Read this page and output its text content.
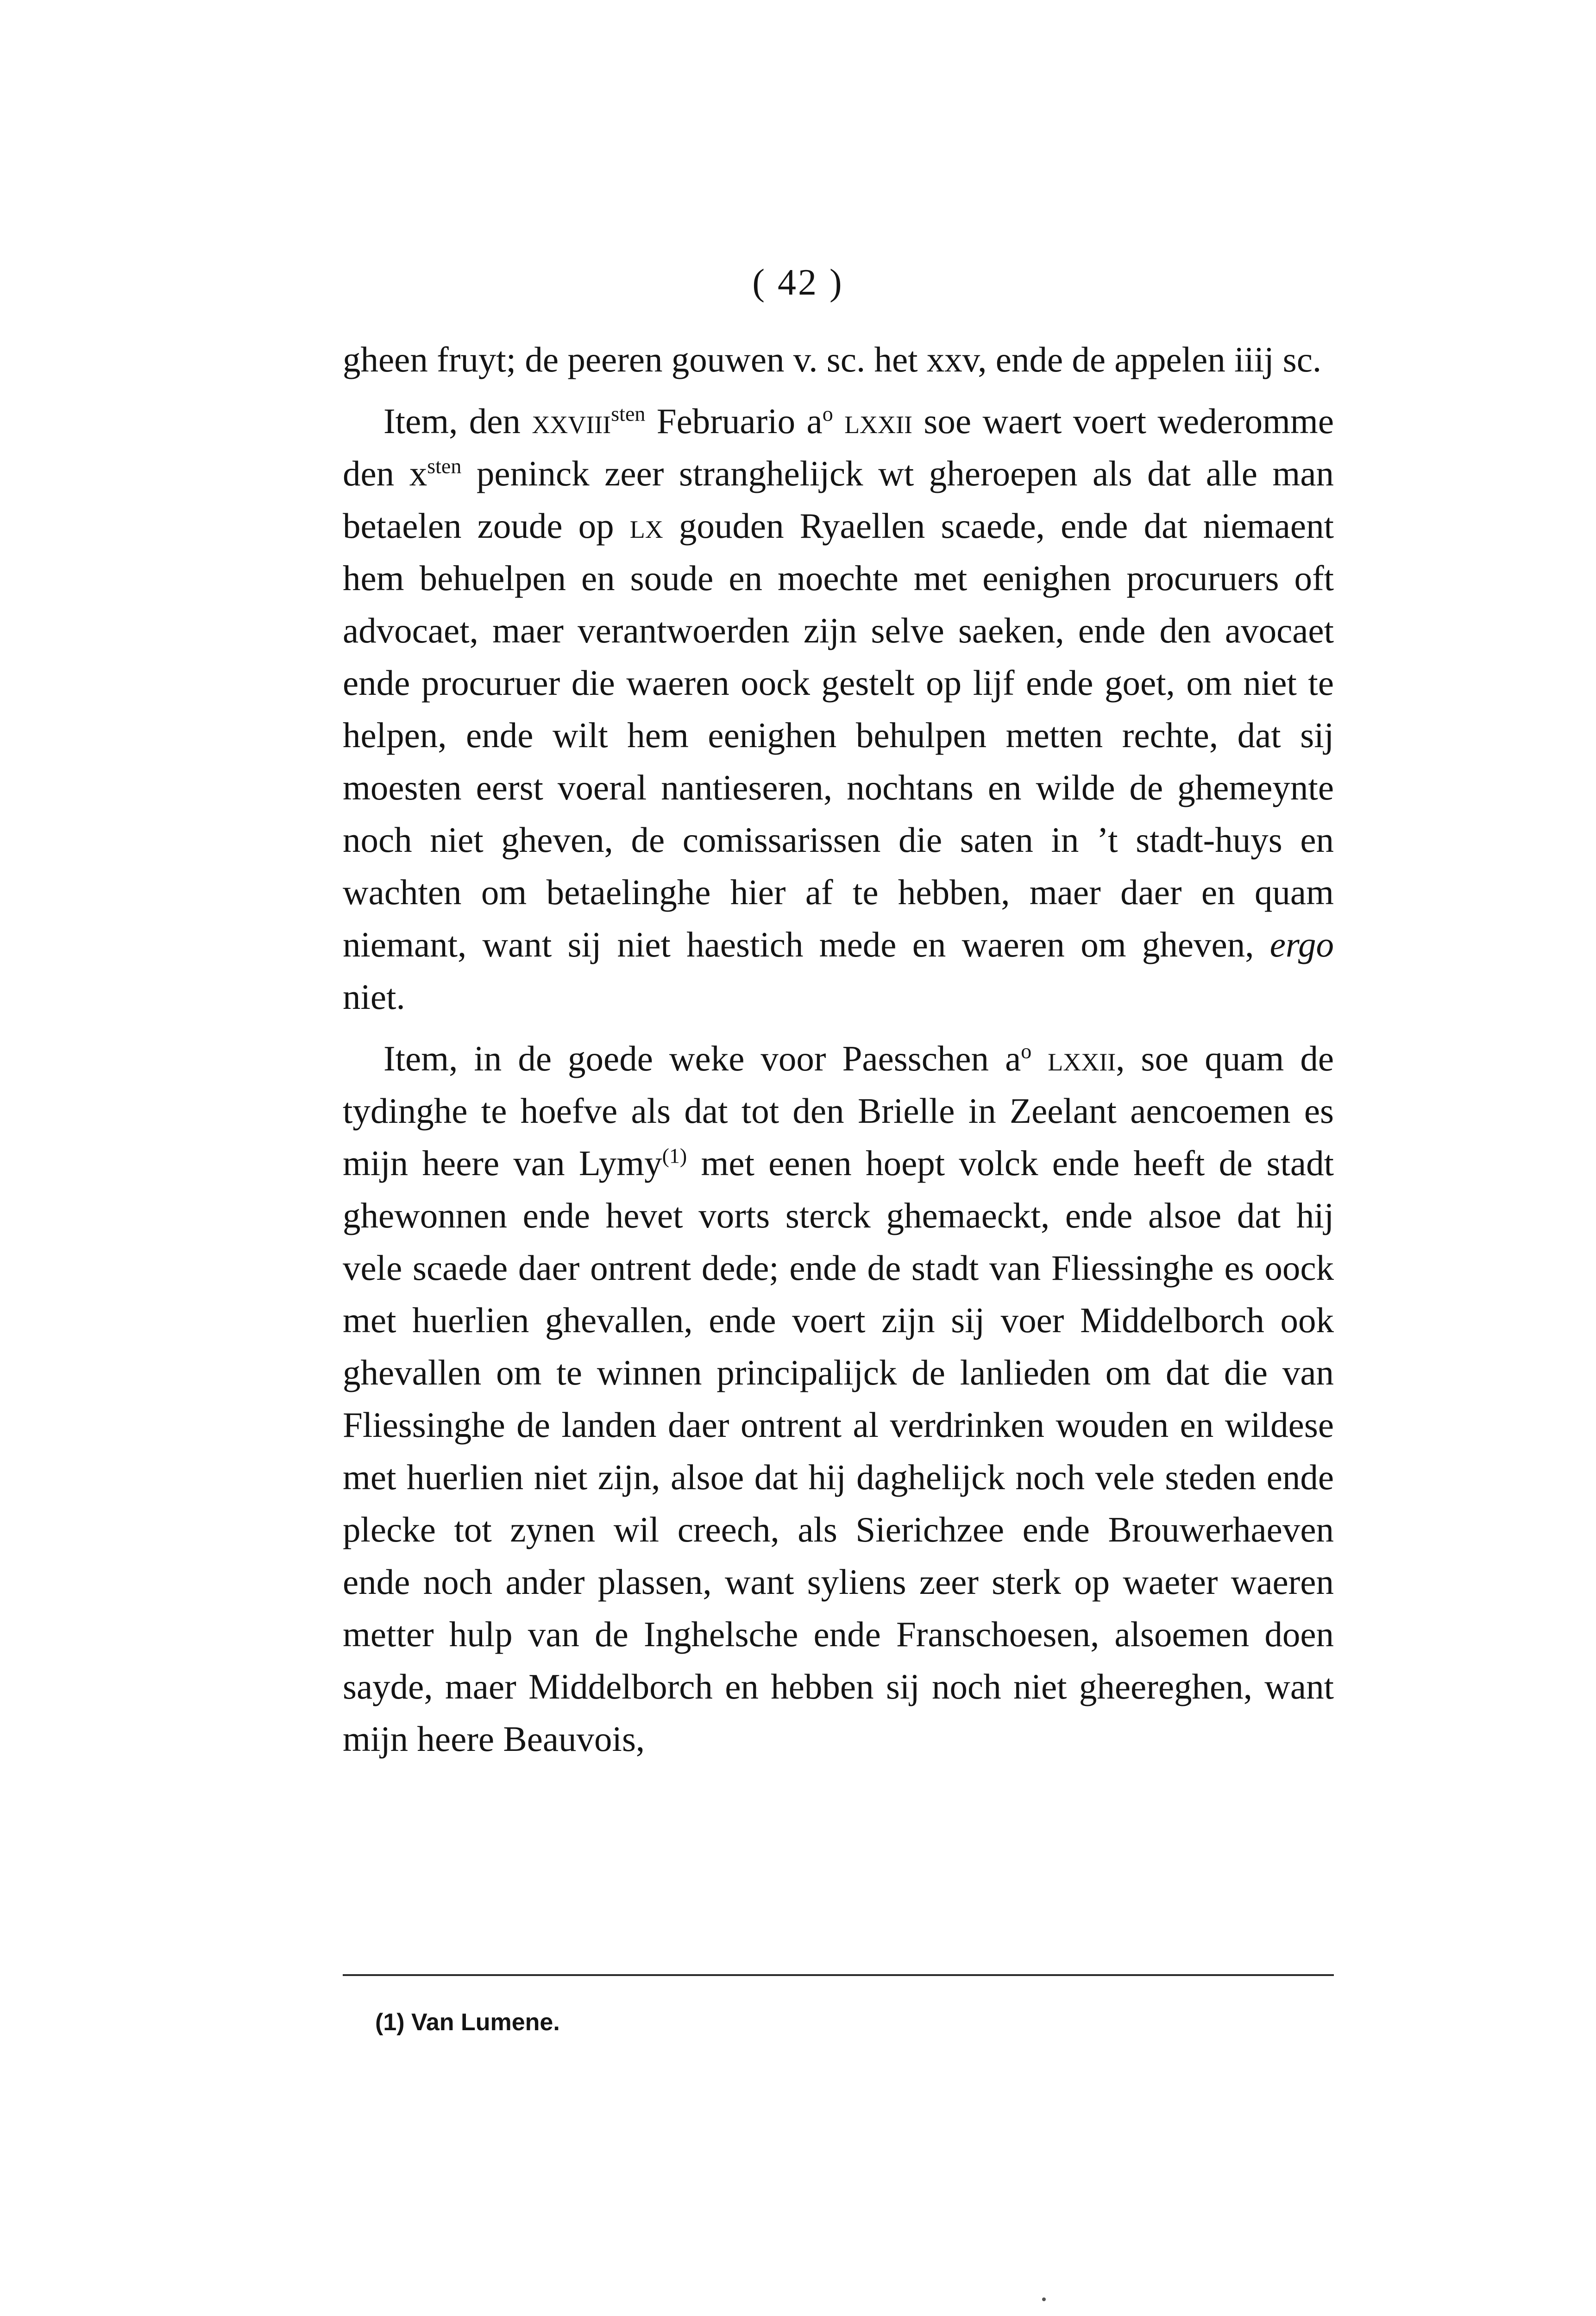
( 42 )

gheen fruyt; de peeren gouwen v. sc. het xxv, ende de appelen iiij sc.

Item, den xxviii$^{sten}$ Februario $a^o$ lxxii soe waert voert wederomme den $x^{sten}$ peninck zeer stranghelijck wt gheroepen als dat alle man betaelen zoude op lx gouden Ryaellen scaede, ende dat niemaent hem behuelpen en soude en moechte met eenighen procuruers oft advocaet, maer verantwoerden zijn selve saeken, ende den avocaet ende procuruer die waeren oock gestelt op lijf ende goet, om niet te helpen, ende wilt hem eenighen behulpen metten rechte, dat sij moesten eerst voeral nantieseren, nochtans en wilde de ghemeynte noch niet gheven, de comissarissen die saten in ’t stadt-huys en wachten om betaelinghe hier af te hebben, maer daer en quam niemant, want sij niet haestich mede en waeren om gheven, ergo niet.

Item, in de goede weke voor Paesschen $a^o$ lxxii, soe quam de tydinghe te hoefve als dat tot den Brielle in Zeelant aencoemen es mijn heere van Lymy$^{(1)}$ met eenen hoept volck ende heeft de stadt ghewonnen ende hevet vorts sterck ghemaeckt, ende alsoe dat hij vele scaede daer ontrent dede; ende de stadt van Fliessinghe es oock met huerlien ghevallen, ende voert zijn sij voer Middelborch ook ghevallen om te winnen principalijck de lanlieden om dat die van Fliessinghe de landen daer ontrent al verdrinken wouden en wildese met huerlien niet zijn, alsoe dat hij daghelijck noch vele steden ende plecke tot zynen wil creech, als Sierichzee ende Brouwerhaeven ende noch ander plassen, want syliens zeer sterk op waeter waeren metter hulp van de Inghelsche ende Franschoesen, alsoemen doen sayde, maer Middelborch en hebben sij noch niet gheereghen, want mijn heere Beauvois,

(1) Van Lumene.
